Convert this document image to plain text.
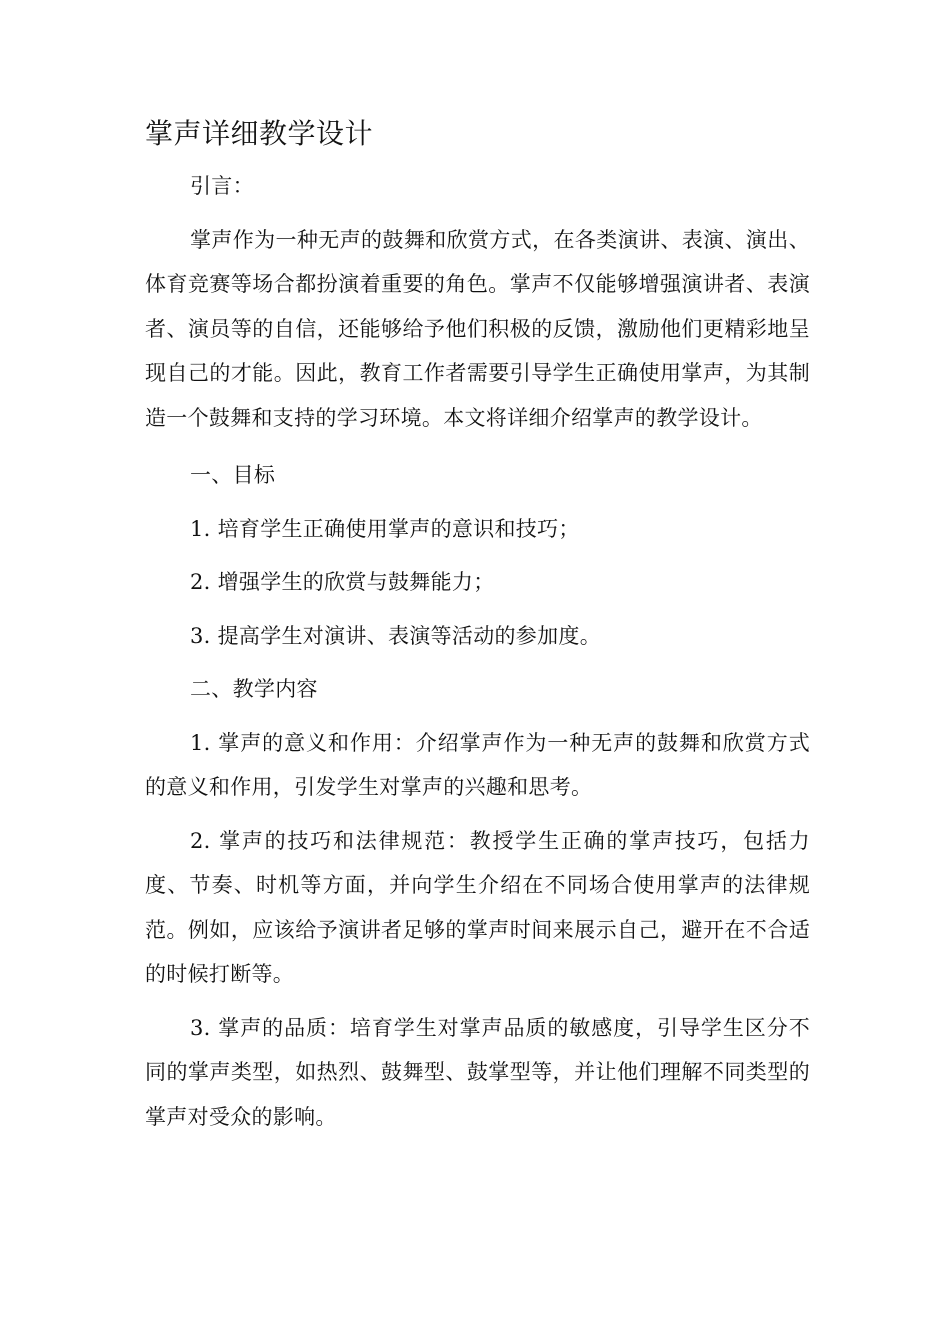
掌声详细教学设计

引言：

掌声作为一种无声的鼓舞和欣赏方式，在各类演讲、表演、演出、体育竞赛等场合都扮演着重要的角色。掌声不仅能够增强演讲者、表演者、演员等的自信，还能够给予他们积极的反馈，激励他们更精彩地呈现自己的才能。因此，教育工作者需要引导学生正确使用掌声，为其制造一个鼓舞和支持的学习环境。本文将详细介绍掌声的教学设计。

一、目标

1. 培育学生正确使用掌声的意识和技巧；

2. 增强学生的欣赏与鼓舞能力；

3. 提高学生对演讲、表演等活动的参加度。

二、教学内容

1. 掌声的意义和作用：介绍掌声作为一种无声的鼓舞和欣赏方式的意义和作用，引发学生对掌声的兴趣和思考。

2. 掌声的技巧和法律规范：教授学生正确的掌声技巧，包括力度、节奏、时机等方面，并向学生介绍在不同场合使用掌声的法律规范。例如，应该给予演讲者足够的掌声时间来展示自己，避开在不合适的时候打断等。

3. 掌声的品质：培育学生对掌声品质的敏感度，引导学生区分不同的掌声类型，如热烈、鼓舞型、鼓掌型等，并让他们理解不同类型的掌声对受众的影响。
